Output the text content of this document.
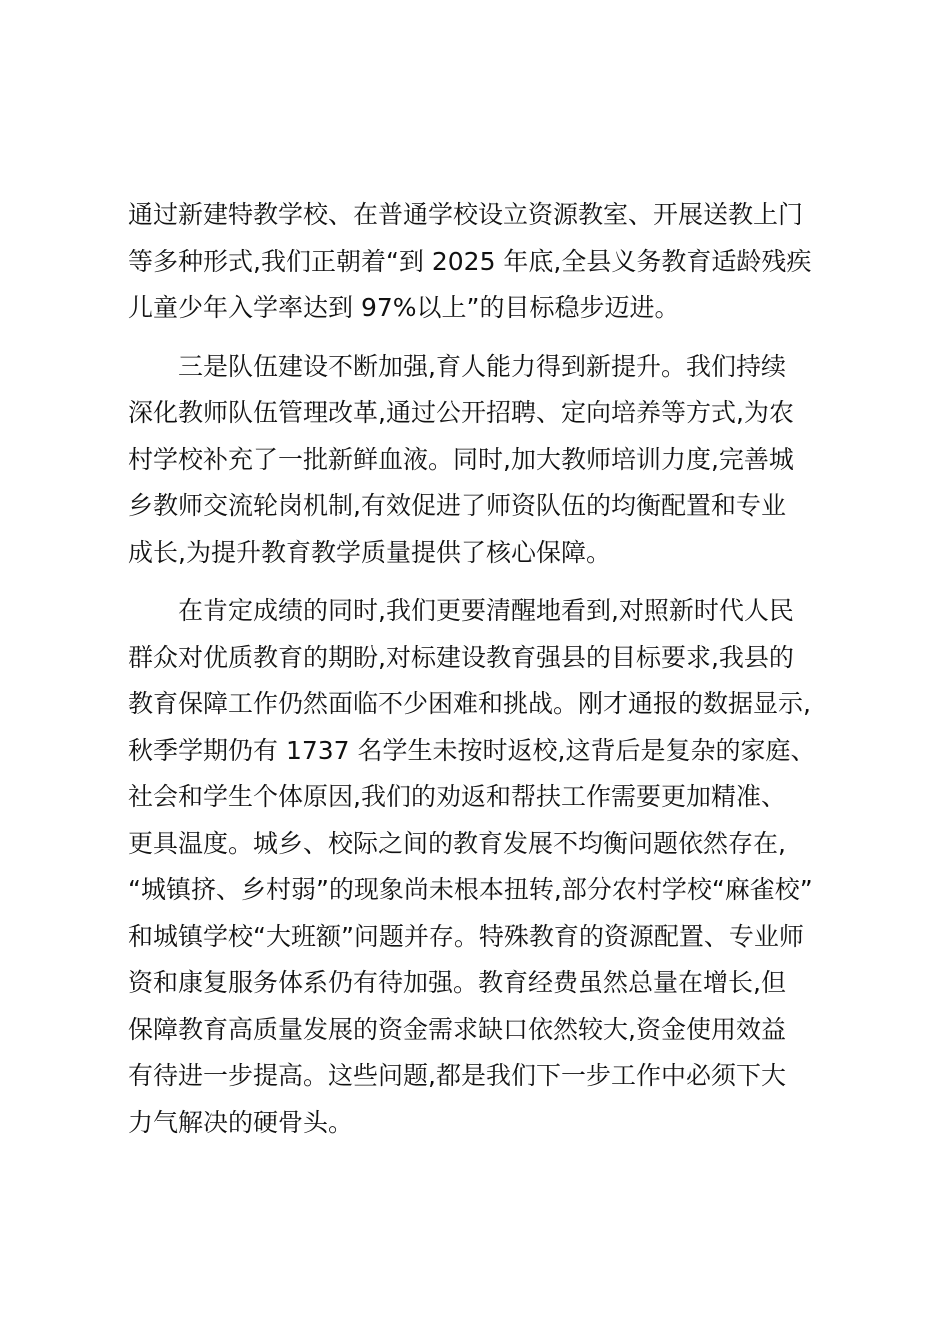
通过新建特教学校、在普通学校设立资源教室、开展送教上门
等多种形式,我们正朝着“到 2025 年底,全县义务教育适龄残疾
儿童少年入学率达到 97%以上”的目标稳步迈进。
三是队伍建设不断加强,育人能力得到新提升。我们持续
深化教师队伍管理改革,通过公开招聘、定向培养等方式,为农
村学校补充了一批新鲜血液。同时,加大教师培训力度,完善城
乡教师交流轮岗机制,有效促进了师资队伍的均衡配置和专业
成长,为提升教育教学质量提供了核心保障。
在肯定成绩的同时,我们更要清醒地看到,对照新时代人民
群众对优质教育的期盼,对标建设教育强县的目标要求,我县的
教育保障工作仍然面临不少困难和挑战。刚才通报的数据显示,
秋季学期仍有 1737 名学生未按时返校,这背后是复杂的家庭、
社会和学生个体原因,我们的劝返和帮扶工作需要更加精准、
更具温度。城乡、校际之间的教育发展不均衡问题依然存在,
“城镇挤、乡村弱”的现象尚未根本扭转,部分农村学校“麻雀校”
和城镇学校“大班额”问题并存。特殊教育的资源配置、专业师
资和康复服务体系仍有待加强。教育经费虽然总量在增长,但
保障教育高质量发展的资金需求缺口依然较大,资金使用效益
有待进一步提高。这些问题,都是我们下一步工作中必须下大
力气解决的硬骨头。
